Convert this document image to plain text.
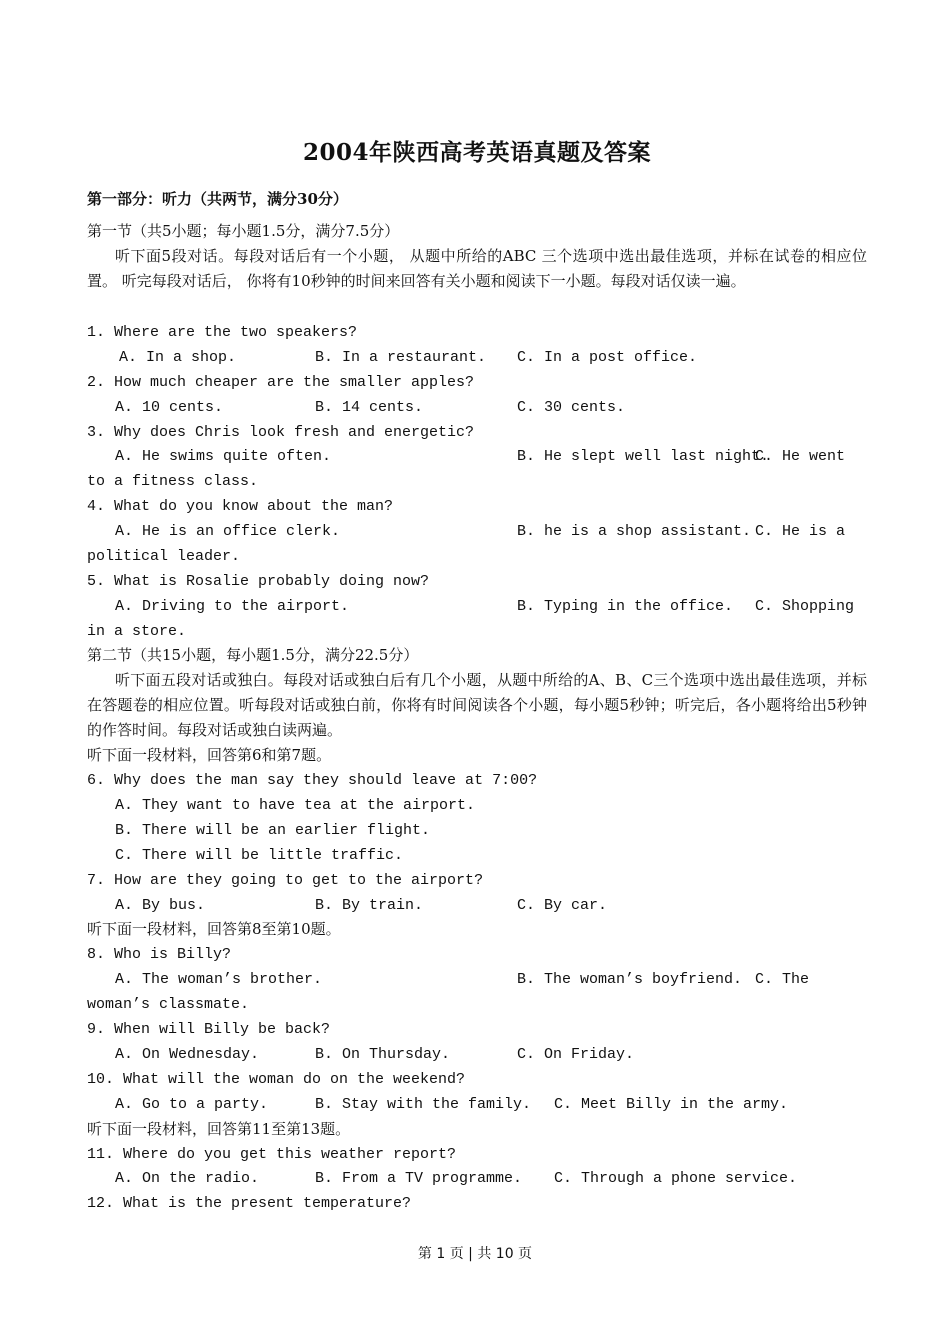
2004年陕西高考英语真题及答案
第一部分：听力（共两节，满分30分）
第一节（共5小题；每小题1.5分，满分7.5分）
听下面5段对话。每段对话后有一个小题， 从题中所给的ABC 三个选项中选出最佳选项，并标在试卷的相应位置。 听完每段对话后， 你将有10秒钟的时间来回答有关小题和阅读下一小题。每段对话仅读一遍。
1. Where are the two speakers?
A. In a shop.	B. In a restaurant. C. In a post office.
2. How much cheaper are the smaller apples?
A. 10 cents.	B. 14 cents.	C. 30 cents.
3. Why does Chris look fresh and energetic?
A. He swims quite often.	B. He slept well last night.
C. He went
to a fitness class.
4. What do you know about the man?
A. He is an office clerk.	B. he is a shop assistant. C. He is a
political leader.
5. What is Rosalie probably doing now?
A. Driving to the airport.	B. Typing in the office. C. Shopping
in a store.
第二节（共15小题，每小题1.5分，满分22.5分）
听下面五段对话或独白。每段对话或独白后有几个小题，从题中所给的A、B、C三个选项中选出最佳选项，并标在答题卷的相应位置。听每段对话或独白前，你将有时间阅读各个小题，每小题5秒钟；听完后，各小题将给出5秒钟的作答时间。每段对话或独白读两遍。
听下面一段材料，回答第6和第7题。
6. Why does the man say they should leave at 7:00?
A. They want to have tea at the airport.
B. There will be an earlier flight.
C. There will be little traffic.
7. How are they going to get to the airport?
A. By bus.	B. By train.	C. By car.
听下面一段材料，回答第8至第10题。
8. Who is Billy?
A. The woman’s brother.	B. The woman’s boyfriend. C. The
woman’s classmate.
9. When will Billy be back?
A. On Wednesday.	B. On Thursday.	C. On Friday.
10. What will the woman do on the weekend?
A. Go to a party.	B. Stay with the family. C. Meet Billy in the army.
听下面一段材料，回答第11至第13题。
11. Where do you get this weather report?
A. On the radio.	B. From a TV programme. C. Through a phone service.
12. What is the present temperature?
第 1 页 | 共 10 页
